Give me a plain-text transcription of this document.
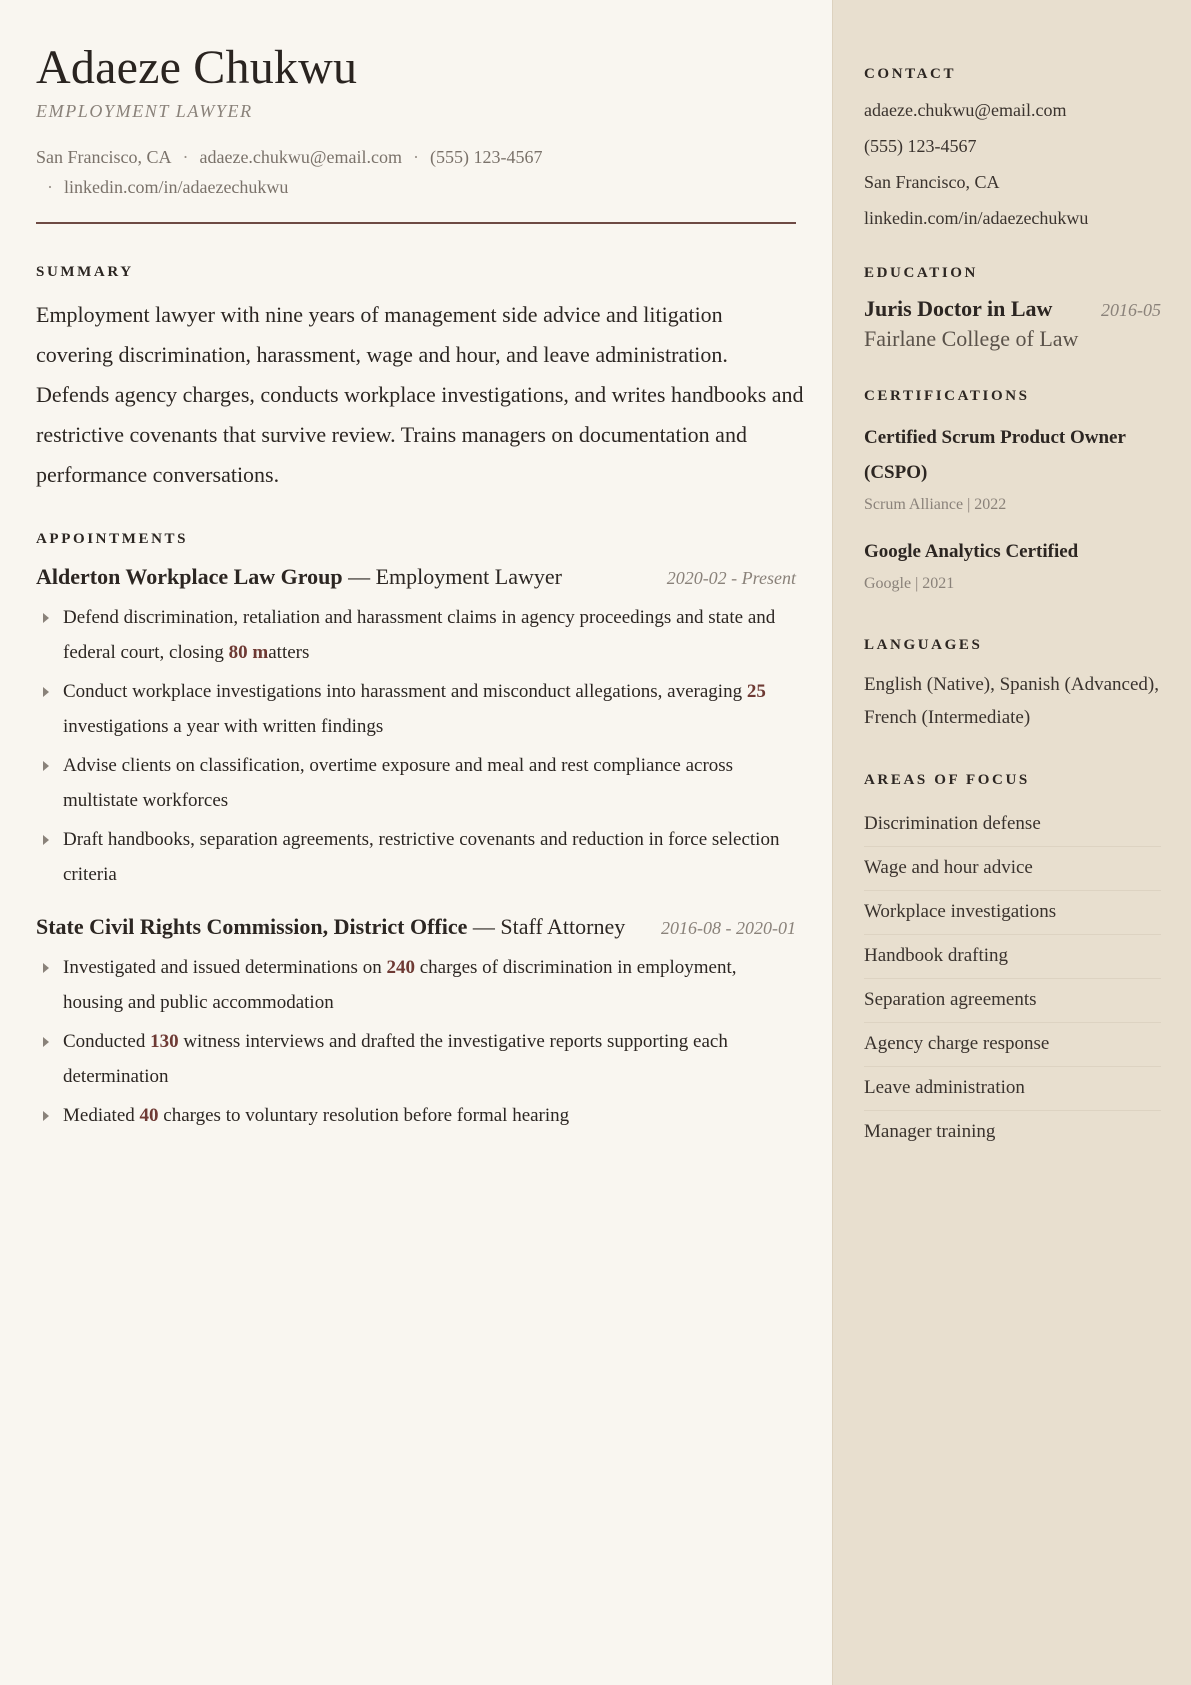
Adaeze Chukwu
EMPLOYMENT LAWYER
San Francisco, CA · adaeze.chukwu@email.com · (555) 123-4567
· linkedin.com/in/adaezechukwu
SUMMARY

Employment lawyer with nine years of management side advice and litigation covering discrimination, harassment, wage and hour, and leave administration. Defends agency charges, conducts workplace investigations, and writes handbooks and restrictive covenants that survive review. Trains managers on documentation and performance conversations.

APPOINTMENTS
Alderton Workplace Law Group — Employment Lawyer	2020-02 - Present
Defend discrimination, retaliation and harassment claims in agency proceedings and state and federal court, closing 80 matters
Conduct workplace investigations into harassment and misconduct allegations, averaging 25 investigations a year with written findings
Advise clients on classification, overtime exposure and meal and rest compliance across multistate workforces
Draft handbooks, separation agreements, restrictive covenants and reduction in force selection criteria
State Civil Rights Commission, District Office — Staff Attorney 2016-08 - 2020-01
Investigated and issued determinations on 240 charges of discrimination in employment, housing and public accommodation
Conducted 130 witness interviews and drafted the investigative reports supporting each determination
Mediated 40 charges to voluntary resolution before formal hearing
CONTACT
adaeze.chukwu@email.com
(555) 123-4567
San Francisco, CA
linkedin.com/in/adaezechukwu
EDUCATION
Juris Doctor in Law	2016-05
Fairlane College of Law
CERTIFICATIONS
Certified Scrum Product Owner (CSPO)
Scrum Alliance | 2022
Google Analytics Certified
Google | 2021
LANGUAGES
English (Native), Spanish (Advanced), French (Intermediate)
AREAS OF FOCUS
Discrimination defense
Wage and hour advice
Workplace investigations
Handbook drafting
Separation agreements
Agency charge response
Leave administration
Manager training
